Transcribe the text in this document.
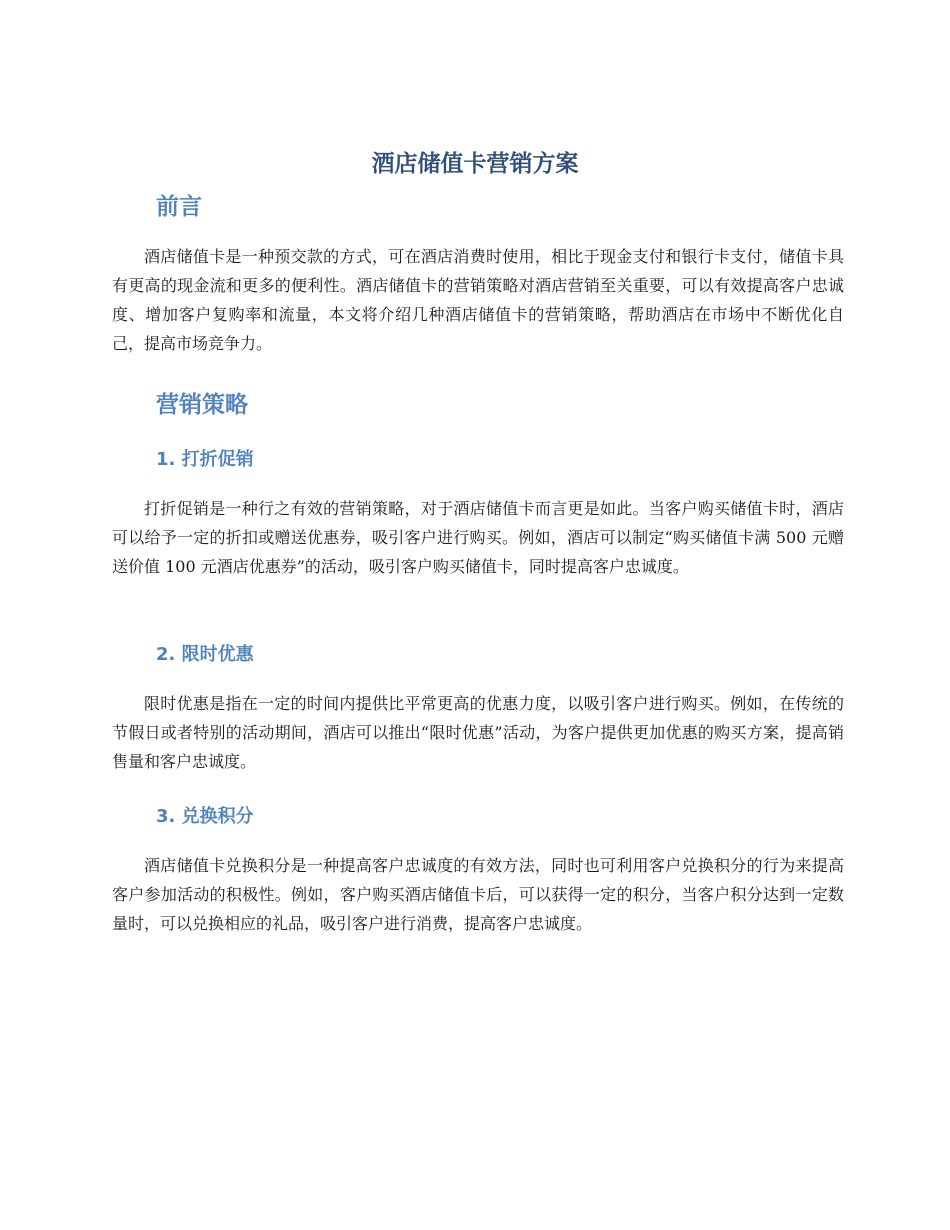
酒店储值卡营销方案
前言

酒店储值卡是一种预交款的方式，可在酒店消费时使用，相比于现金支付和银行卡支付，储值卡具有更高的现金流和更多的便利性。酒店储值卡的营销策略对酒店营销至关重要，可以有效提高客户忠诚度、增加客户复购率和流量，本文将介绍几种酒店储值卡的营销策略，帮助酒店在市场中不断优化自己，提高市场竞争力。

营销策略
1. 打折促销

打折促销是一种行之有效的营销策略，对于酒店储值卡而言更是如此。当客户购买储值卡时，酒店可以给予一定的折扣或赠送优惠券，吸引客户进行购买。例如，酒店可以制定“购买储值卡满 500 元赠送价值 100 元酒店优惠券”的活动，吸引客户购买储值卡，同时提高客户忠诚度。

2. 限时优惠

限时优惠是指在一定的时间内提供比平常更高的优惠力度，以吸引客户进行购买。例如，在传统的节假日或者特别的活动期间，酒店可以推出“限时优惠”活动，为客户提供更加优惠的购买方案，提高销售量和客户忠诚度。

3. 兑换积分

酒店储值卡兑换积分是一种提高客户忠诚度的有效方法，同时也可利用客户兑换积分的行为来提高客户参加活动的积极性。例如，客户购买酒店储值卡后，可以获得一定的积分，当客户积分达到一定数量时，可以兑换相应的礼品，吸引客户进行消费，提高客户忠诚度。
